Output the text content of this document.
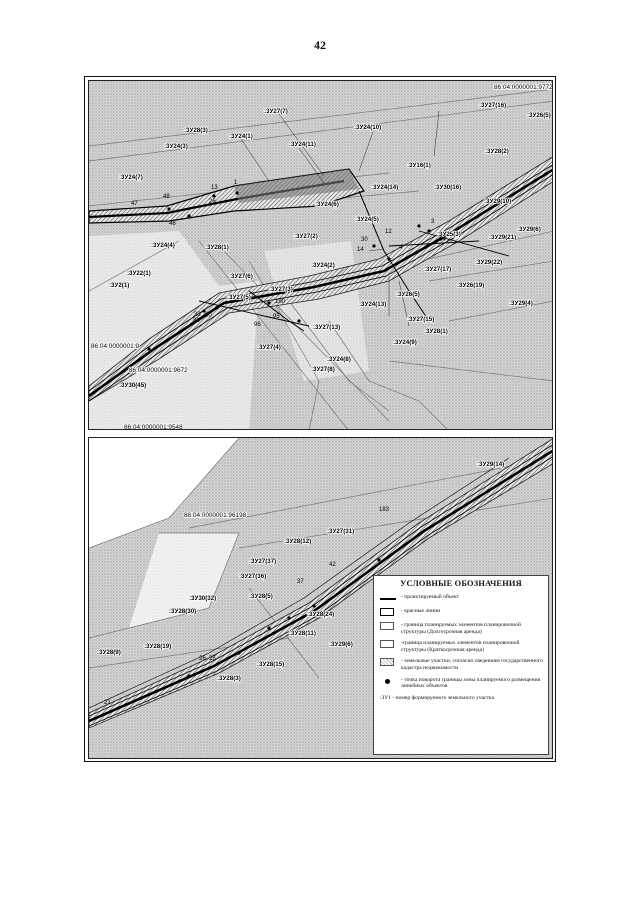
42
86:04:0000001:9772
86:04:0000001:9672
86:04:0000001:9548
86:04:0000001:9
:3У27(7)
:3У28(3)
:3У24(1)
:3У24(11)
:3У24(10)
:3У27(16)
:3У26(5)
:3У24(3)
:3У28(2)
:3У24(7)
:3У16(1)
:3У24(14)	:3У30(16)
:3У24(4)
:3У24(6)
:3У24(5)
:3У28(1)
:3У27(2)	:3У29(21)
:3У27(6)
:3У24(2)
:3У25(3)
:3У27(5)
:3У29(22)
:3У27(17)
:3У27(3)
:3У26(19)
:3У29(4)
:3У26(5)
:3У27(15)
:3У24(13)
:3У27(13)
:3У28(1)
:3У27(4)
:3У24(9)
:3У27(8)
:3У30(45)
:3У22(1)
:3У29(6)
:3У24(8)
:3У2(1)
:3У29(10)
13
1
48
47	26
46
30
14
33 90
88
95
96
180
12
4
3
84
86:04:0000001:96198
:3У29(14)
:3У27(31)
:3У28(12)
:3У27(37)
:3У27(36)
:3У30(32)
:3У28(30)
:3У28(5)
:3У28(24)
:3У28(11)
:3У28(19)	:3У29(6)
:3У28(9)
:3У28(15)
:3У28(3)
183
42
37
26 25
21
УСЛОВНЫЕ ОБОЗНАЧЕНИЯ
- проектируемый объект
- красные линии
- граница планируемых элементов планировочной структуры (Долгосрочная аренда)
-граница планируемых элементов планировочной структуры (Краткосрочная аренда)
- земельные участки, согласно сведениям государственного кадастра недвижимости
- точка поворота границы зоны планируемого размещения линейных объектов
:ЗУ1 - номер формируемого земельного участка
